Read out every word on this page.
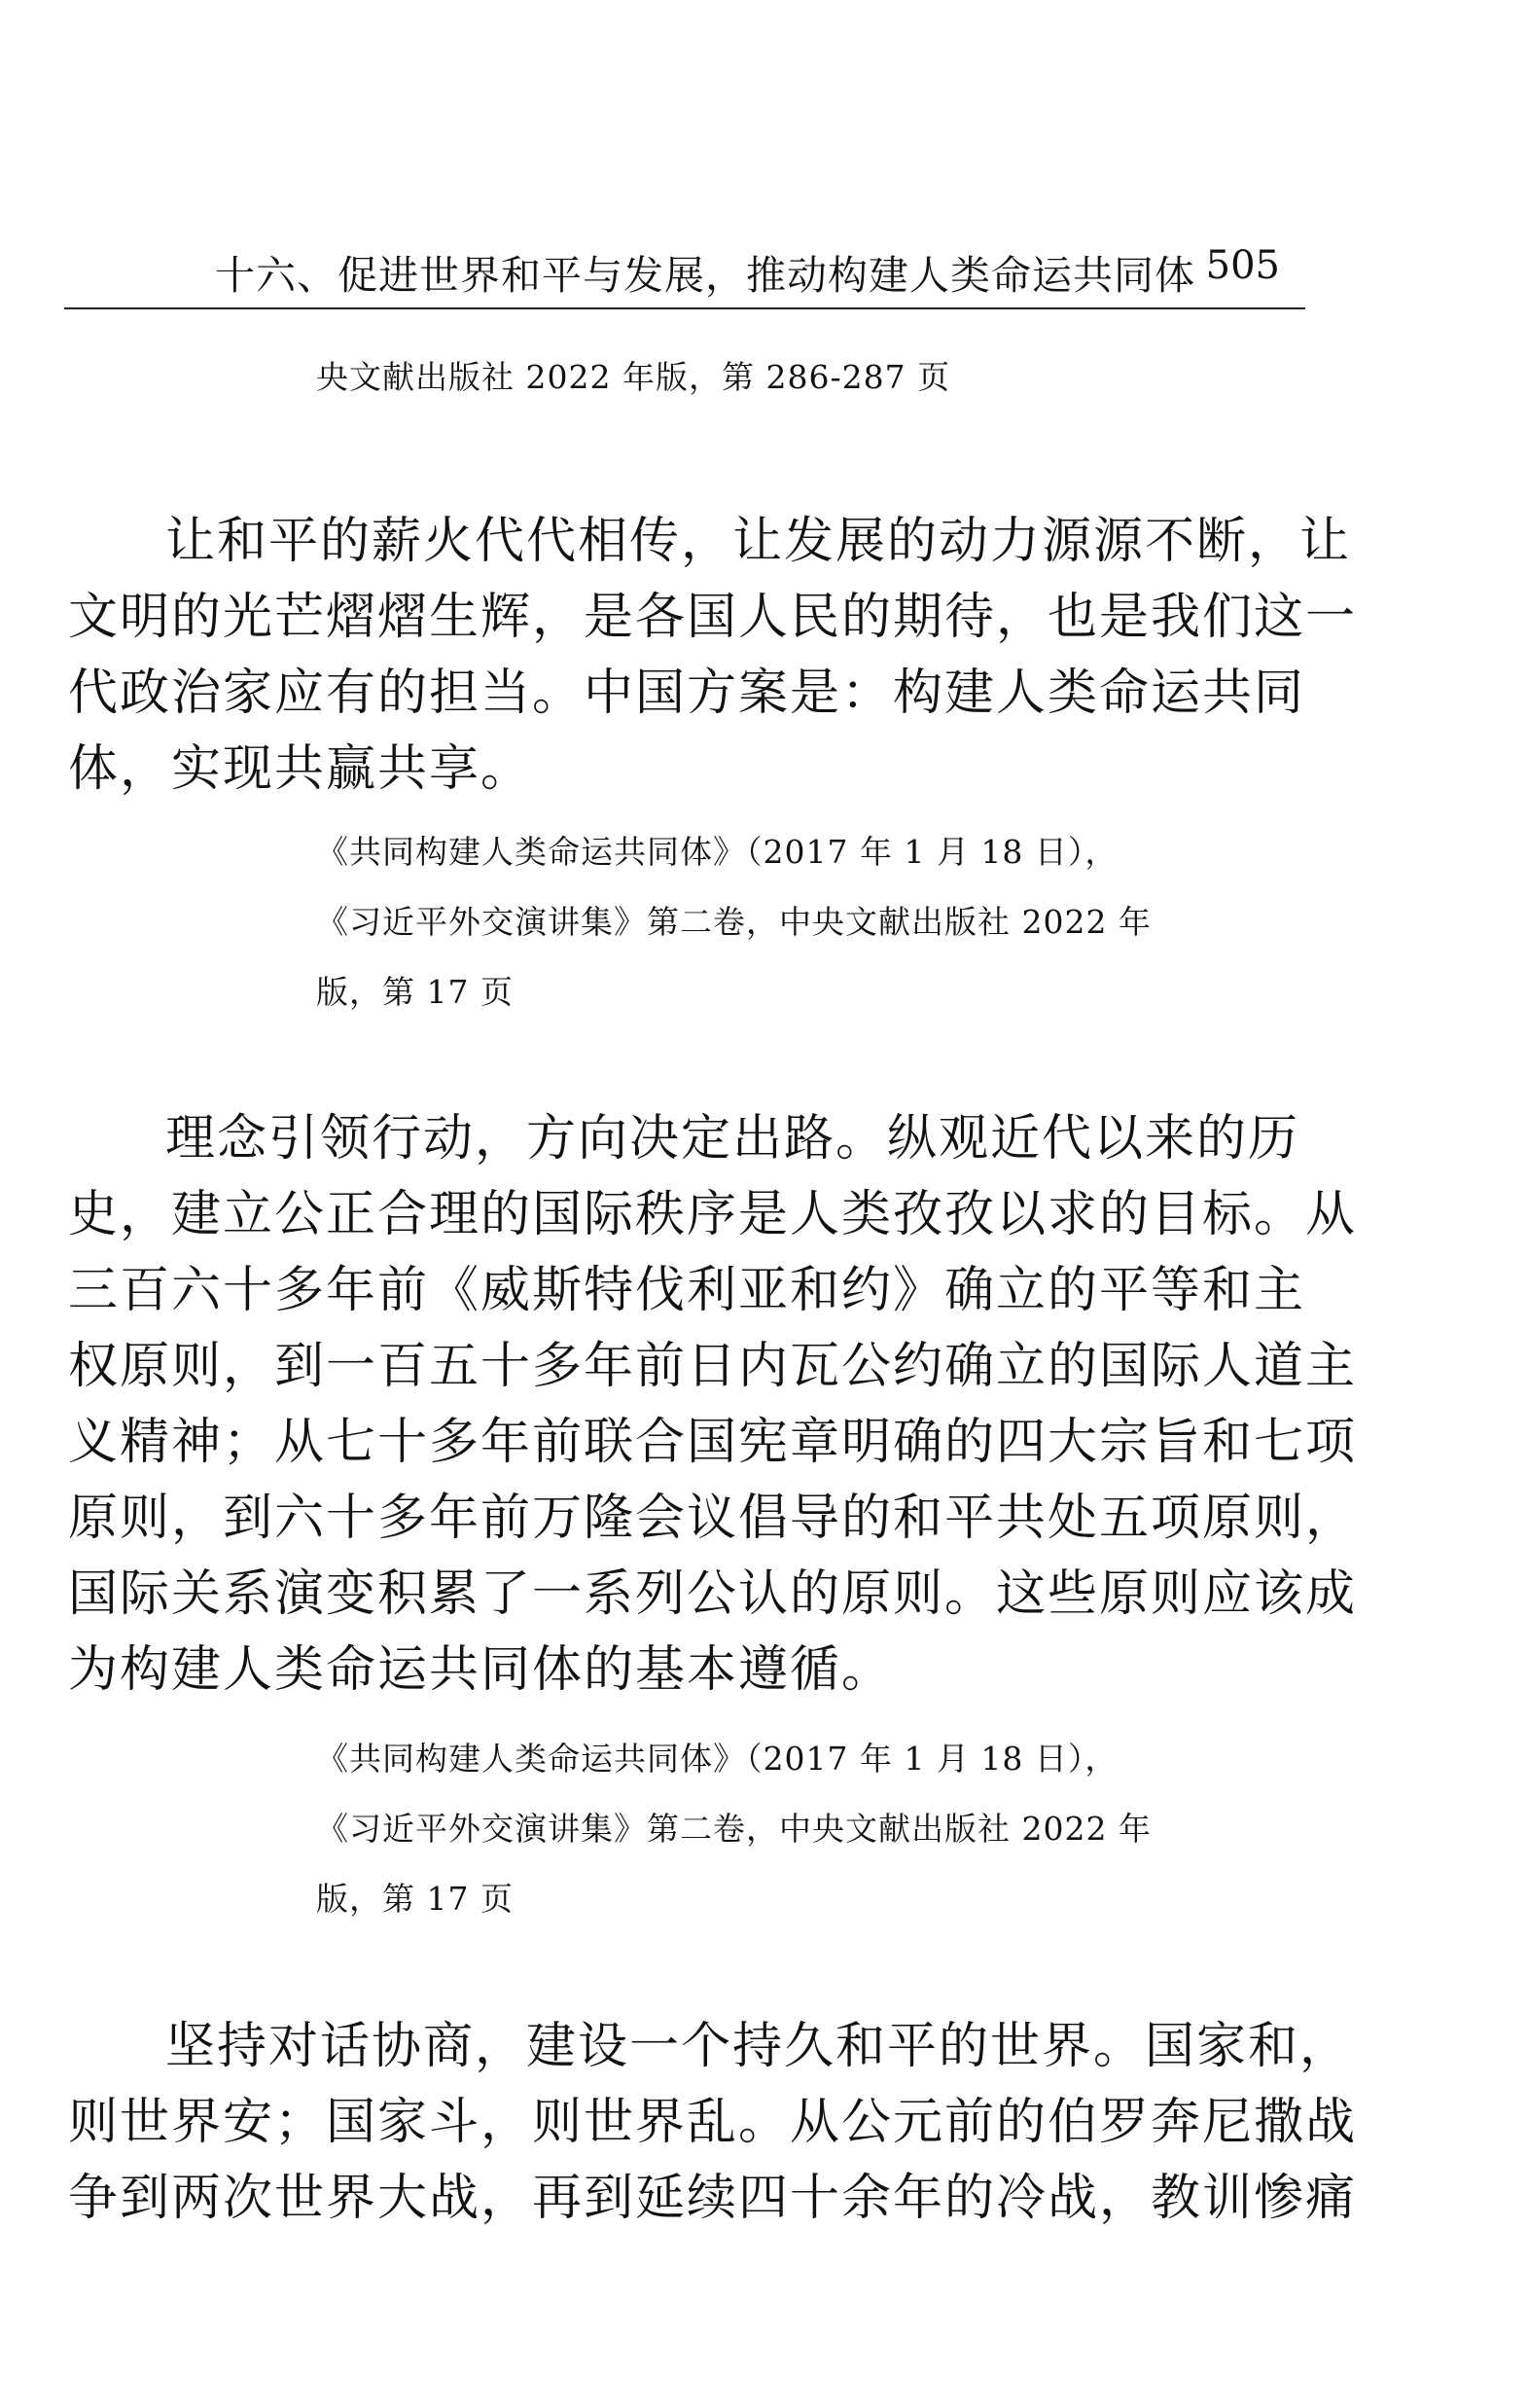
十六、促进世界和平与发展，推动构建人类命运共同体 505
央文献出版社 2022 年版，第 286-287 页
让和平的薪火代代相传，让发展的动力源源不断，让
文明的光芒熠熠生辉，是各国人民的期待，也是我们这一
代政治家应有的担当。中国方案是：构建人类命运共同
体，实现共赢共享。
《共同构建人类命运共同体》（2017 年 1 月 18 日），
《习近平外交演讲集》第二卷，中央文献出版社 2022 年
版，第 17 页
理念引领行动，方向决定出路。纵观近代以来的历
史，建立公正合理的国际秩序是人类孜孜以求的目标。从
三百六十多年前《威斯特伐利亚和约》确立的平等和主
权原则，到一百五十多年前日内瓦公约确立的国际人道主
义精神；从七十多年前联合国宪章明确的四大宗旨和七项
原则，到六十多年前万隆会议倡导的和平共处五项原则，
国际关系演变积累了一系列公认的原则。这些原则应该成
为构建人类命运共同体的基本遵循。
《共同构建人类命运共同体》（2017 年 1 月 18 日），
《习近平外交演讲集》第二卷，中央文献出版社 2022 年
版，第 17 页
坚持对话协商，建设一个持久和平的世界。国家和，
则世界安；国家斗，则世界乱。从公元前的伯罗奔尼撒战
争到两次世界大战，再到延续四十余年的冷战，教训惨痛
